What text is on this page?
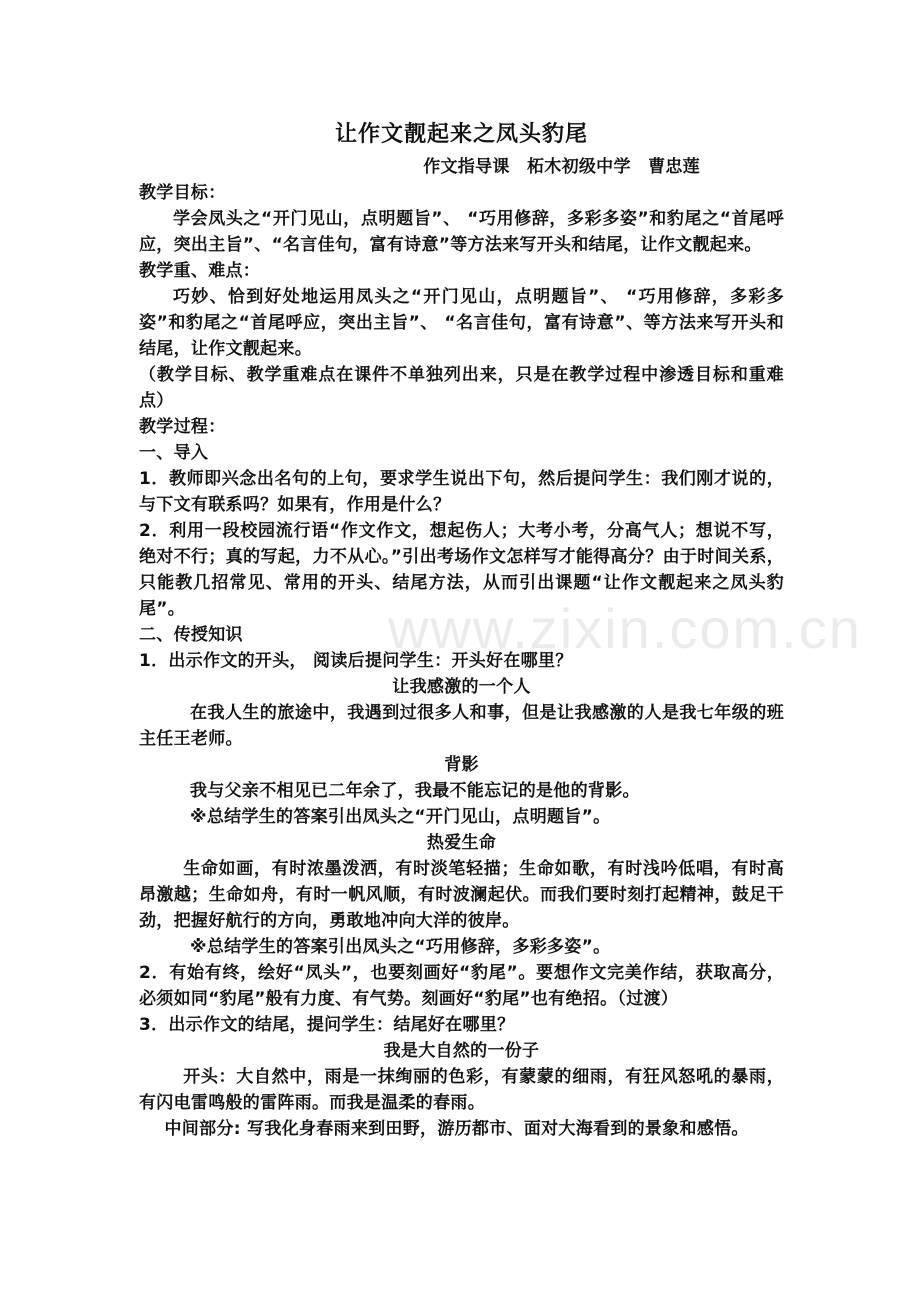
www.zixin.com.cn

让作文靓起来之凤头豹尾

作文指导课　柘木初级中学　曹忠莲

教学目标：

学会凤头之“开门见山，点明题旨”、 “巧用修辞，多彩多姿”和豹尾之“首尾呼应，突出主旨”、“名言佳句，富有诗意”等方法来写开头和结尾，让作文靓起来。

教学重、难点：

巧妙、恰到好处地运用凤头之“开门见山，点明题旨”、 “巧用修辞，多彩多姿”和豹尾之“首尾呼应，突出主旨”、 “名言佳句，富有诗意”、等方法来写开头和结尾，让作文靓起来。

（教学目标、教学重难点在课件不单独列出来，只是在教学过程中渗透目标和重难点）

教学过程：

一、导入

1．教师即兴念出名句的上句，要求学生说出下句，然后提问学生：我们刚才说的，与下文有联系吗？如果有，作用是什么？

2．利用一段校园流行语“作文作文，想起伤人；大考小考，分高气人；想说不写，绝对不行；真的写起，力不从心。”引出考场作文怎样写才能得高分？由于时间关系，只能教几招常见、常用的开头、结尾方法，从而引出课题“让作文靓起来之凤头豹尾”。

二、传授知识

1．出示作文的开头， 阅读后提问学生：开头好在哪里？

让我感激的一个人

在我人生的旅途中，我遇到过很多人和事，但是让我感激的人是我七年级的班主任王老师。

背影

我与父亲不相见已二年余了，我最不能忘记的是他的背影。

※总结学生的答案引出凤头之“开门见山，点明题旨”。

热爱生命

生命如画，有时浓墨泼洒，有时淡笔轻描；生命如歌，有时浅吟低唱，有时高昂激越；生命如舟，有时一帆风顺，有时波澜起伏。而我们要时刻打起精神，鼓足干劲，把握好航行的方向，勇敢地冲向大洋的彼岸。

※总结学生的答案引出凤头之“巧用修辞，多彩多姿”。

2．有始有终，绘好“凤头”，也要刻画好“豹尾”。要想作文完美作结，获取高分，必须如同“豹尾”般有力度、有气势。刻画好“豹尾”也有绝招。（过渡）

3．出示作文的结尾，提问学生：结尾好在哪里？

我是大自然的一份子

开头：大自然中，雨是一抹绚丽的色彩，有蒙蒙的细雨，有狂风怒吼的暴雨，有闪电雷鸣般的雷阵雨。而我是温柔的春雨。

中间部分: 写我化身春雨来到田野，游历都市、面对大海看到的景象和感悟。
